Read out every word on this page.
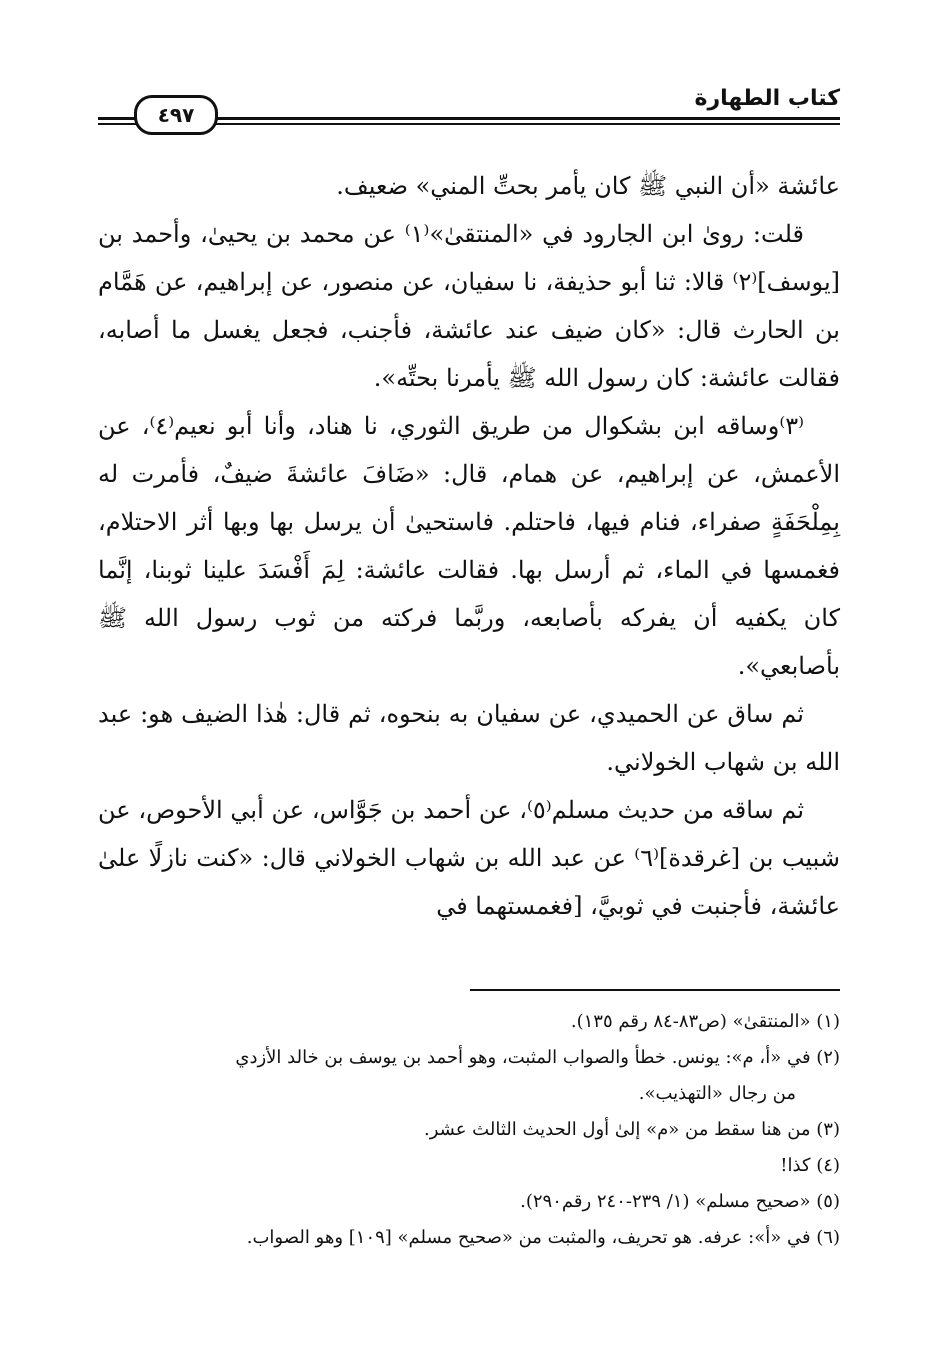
كتاب الطهارة
٤٩٧

عائشة «أن النبي ﷺ كان يأمر بحتِّ المني» ضعيف.

قلت: رویٰ ابن الجارود في «المنتقیٰ»⁽١⁾ عن محمد بن یحییٰ، وأحمد بن [یوسف]⁽٢⁾ قالا: ثنا أبو حذيفة، نا سفيان، عن منصور، عن إبراهيم، عن هَمَّام بن الحارث قال: «كان ضيف عند عائشة، فأجنب، فجعل يغسل ما أصابه، فقالت عائشة: كان رسول الله ﷺ يأمرنا بحتِّه».

⁽٣⁾وساقه ابن بشكوال من طريق الثوري، نا هناد، وأنا أبو نعيم⁽٤⁾، عن الأعمش، عن إبراهيم، عن همام، قال: «ضَافَ عائشةَ ضيفٌ، فأمرت له بِمِلْحَفَةٍ صفراء، فنام فيها، فاحتلم. فاستحییٰ أن يرسل بها وبها أثر الاحتلام، فغمسها في الماء، ثم أرسل بها. فقالت عائشة: لِمَ أَفْسَدَ علينا ثوبنا، إنَّما كان يكفيه أن يفركه بأصابعه، وربَّما فركته من ثوب رسول الله ﷺ بأصابعي».

ثم ساق عن الحميدي، عن سفيان به بنحوه، ثم قال: هٰذا الضيف هو: عبد الله بن شهاب الخولاني.

ثم ساقه من حديث مسلم⁽٥⁾، عن أحمد بن جَوَّاس، عن أبي الأحوص، عن شبيب بن [غرقدة]⁽٦⁾ عن عبد الله بن شهاب الخولاني قال: «كنت نازلًا علیٰ عائشة، فأجنبت في ثوبيَّ، [فغمستهما في

(١) «المنتقیٰ» (ص٨٣-٨٤ رقم ١٣٥).

(٢) في «أ، م»: يونس. خطأ والصواب المثبت، وهو أحمد بن يوسف بن خالد الأزدي

من رجال «التهذيب».

(٣) من هنا سقط من «م» إلیٰ أول الحديث الثالث عشر.

(٤) كذا!

(٥) «صحيح مسلم» (١/ ٢٣٩-٢٤٠ رقم٢٩٠).

(٦) في «أ»: عرفه. هو تحريف، والمثبت من «صحيح مسلم» [١٠٩] وهو الصواب.
